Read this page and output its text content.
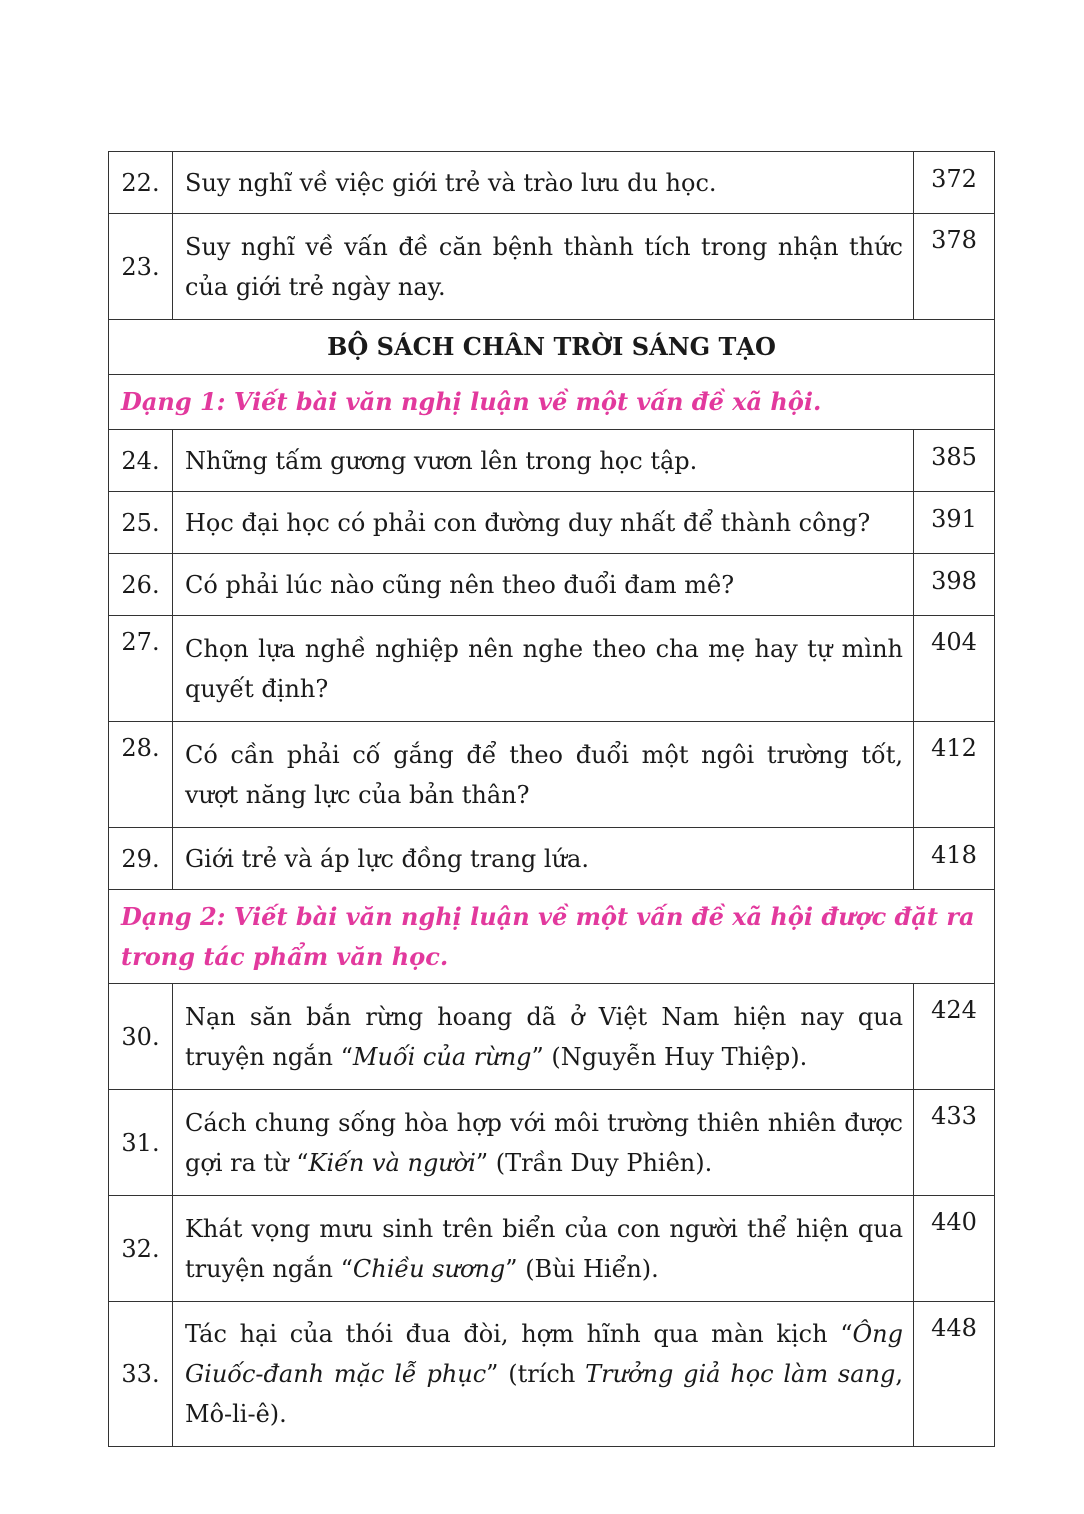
22.	Suy nghĩ về việc giới trẻ và trào lưu du học.	372
23.	Suy nghĩ về vấn đề căn bệnh thành tích trong nhận thức của giới trẻ ngày nay.	378
BỘ SÁCH CHÂN TRỜI SÁNG TẠO		
Dạng 1: Viết bài văn nghị luận về một vấn đề xã hội.		
24.	Những tấm gương vươn lên trong học tập.	385
25.	Học đại học có phải con đường duy nhất để thành công?	391
26.	Có phải lúc nào cũng nên theo đuổi đam mê?	398
27.	Chọn lựa nghề nghiệp nên nghe theo cha mẹ hay tự mình quyết định?	404
28.	Có cần phải cố gắng để theo đuổi một ngôi trường tốt, vượt năng lực của bản thân?	412
29.	Giới trẻ và áp lực đồng trang lứa.	418
Dạng 2: Viết bài văn nghị luận về một vấn đề xã hội được đặt ra trong tác phẩm văn học.		
30.	Nạn săn bắn rừng hoang dã ở Việt Nam hiện nay qua truyện ngắn “Muối của rừng” (Nguyễn Huy Thiệp).	424
31.	Cách chung sống hòa hợp với môi trường thiên nhiên được gợi ra từ “Kiến và người” (Trần Duy Phiên).	433
32.	Khát vọng mưu sinh trên biển của con người thể hiện qua truyện ngắn “Chiều sương” (Bùi Hiển).	440
33.	Tác hại của thói đua đòi, hợm hĩnh qua màn kịch “Ông Giuốc-đanh mặc lễ phục” (trích Trưởng giả học làm sang, Mô-li-ê).	448
